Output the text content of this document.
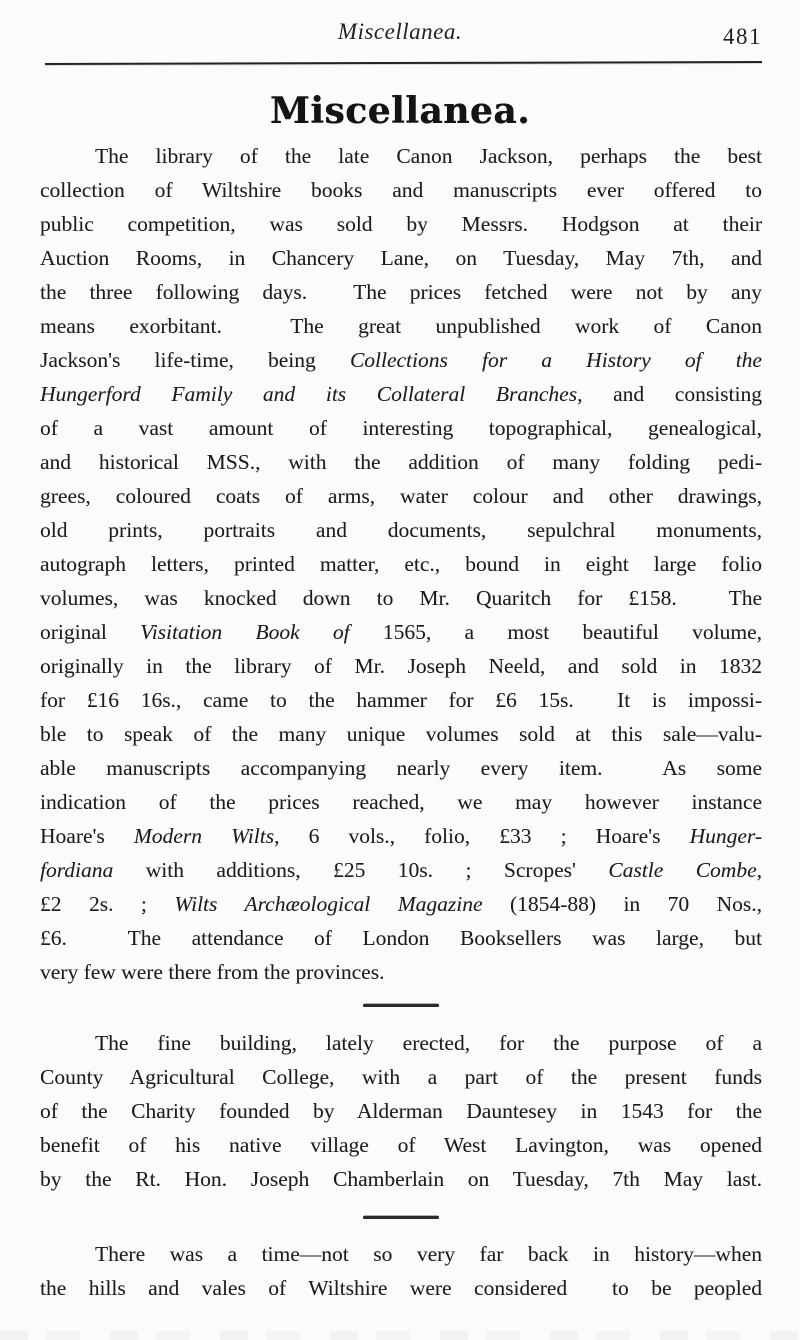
Miscellanea.	481
Miscellanea.
The library of the late Canon Jackson, perhaps the best
collection of Wiltshire books and manuscripts ever offered to
public competition, was sold by Messrs. Hodgson at their
Auction Rooms, in Chancery Lane, on Tuesday, May 7th, and
the three following days.  The prices fetched were not by any
means exorbitant.  The great unpublished work of Canon
Jackson's life-time, being Collections for a History of the
Hungerford Family and its Collateral Branches, and consisting
of a vast amount of interesting topographical, genealogical,
and historical MSS., with the addition of many folding pedi-
grees, coloured coats of arms, water colour and other drawings,
old prints, portraits and documents, sepulchral monuments,
autograph letters, printed matter, etc., bound in eight large folio
volumes, was knocked down to Mr. Quaritch for £158.  The
original Visitation Book of 1565, a most beautiful volume,
originally in the library of Mr. Joseph Neeld, and sold in 1832
for £16 16s., came to the hammer for £6 15s.  It is impossi-
ble to speak of the many unique volumes sold at this sale—valu-
able manuscripts accompanying nearly every item.  As some
indication of the prices reached, we may however instance
Hoare's Modern Wilts, 6 vols., folio, £33 ; Hoare's Hunger-
fordiana with additions, £25 10s. ; Scropes' Castle Combe,
£2 2s. ; Wilts Archæological Magazine (1854-88) in 70 Nos.,
£6.  The attendance of London Booksellers was large, but
very few were there from the provinces.
The fine building, lately erected, for the purpose of a
County Agricultural College, with a part of the present funds
of the Charity founded by Alderman Dauntesey in 1543 for the
benefit of his native village of West Lavington, was opened
by the Rt. Hon. Joseph Chamberlain on Tuesday, 7th May last.
There was a time—not so very far back in history—when
the hills and vales of Wiltshire were considered  to be peopled
